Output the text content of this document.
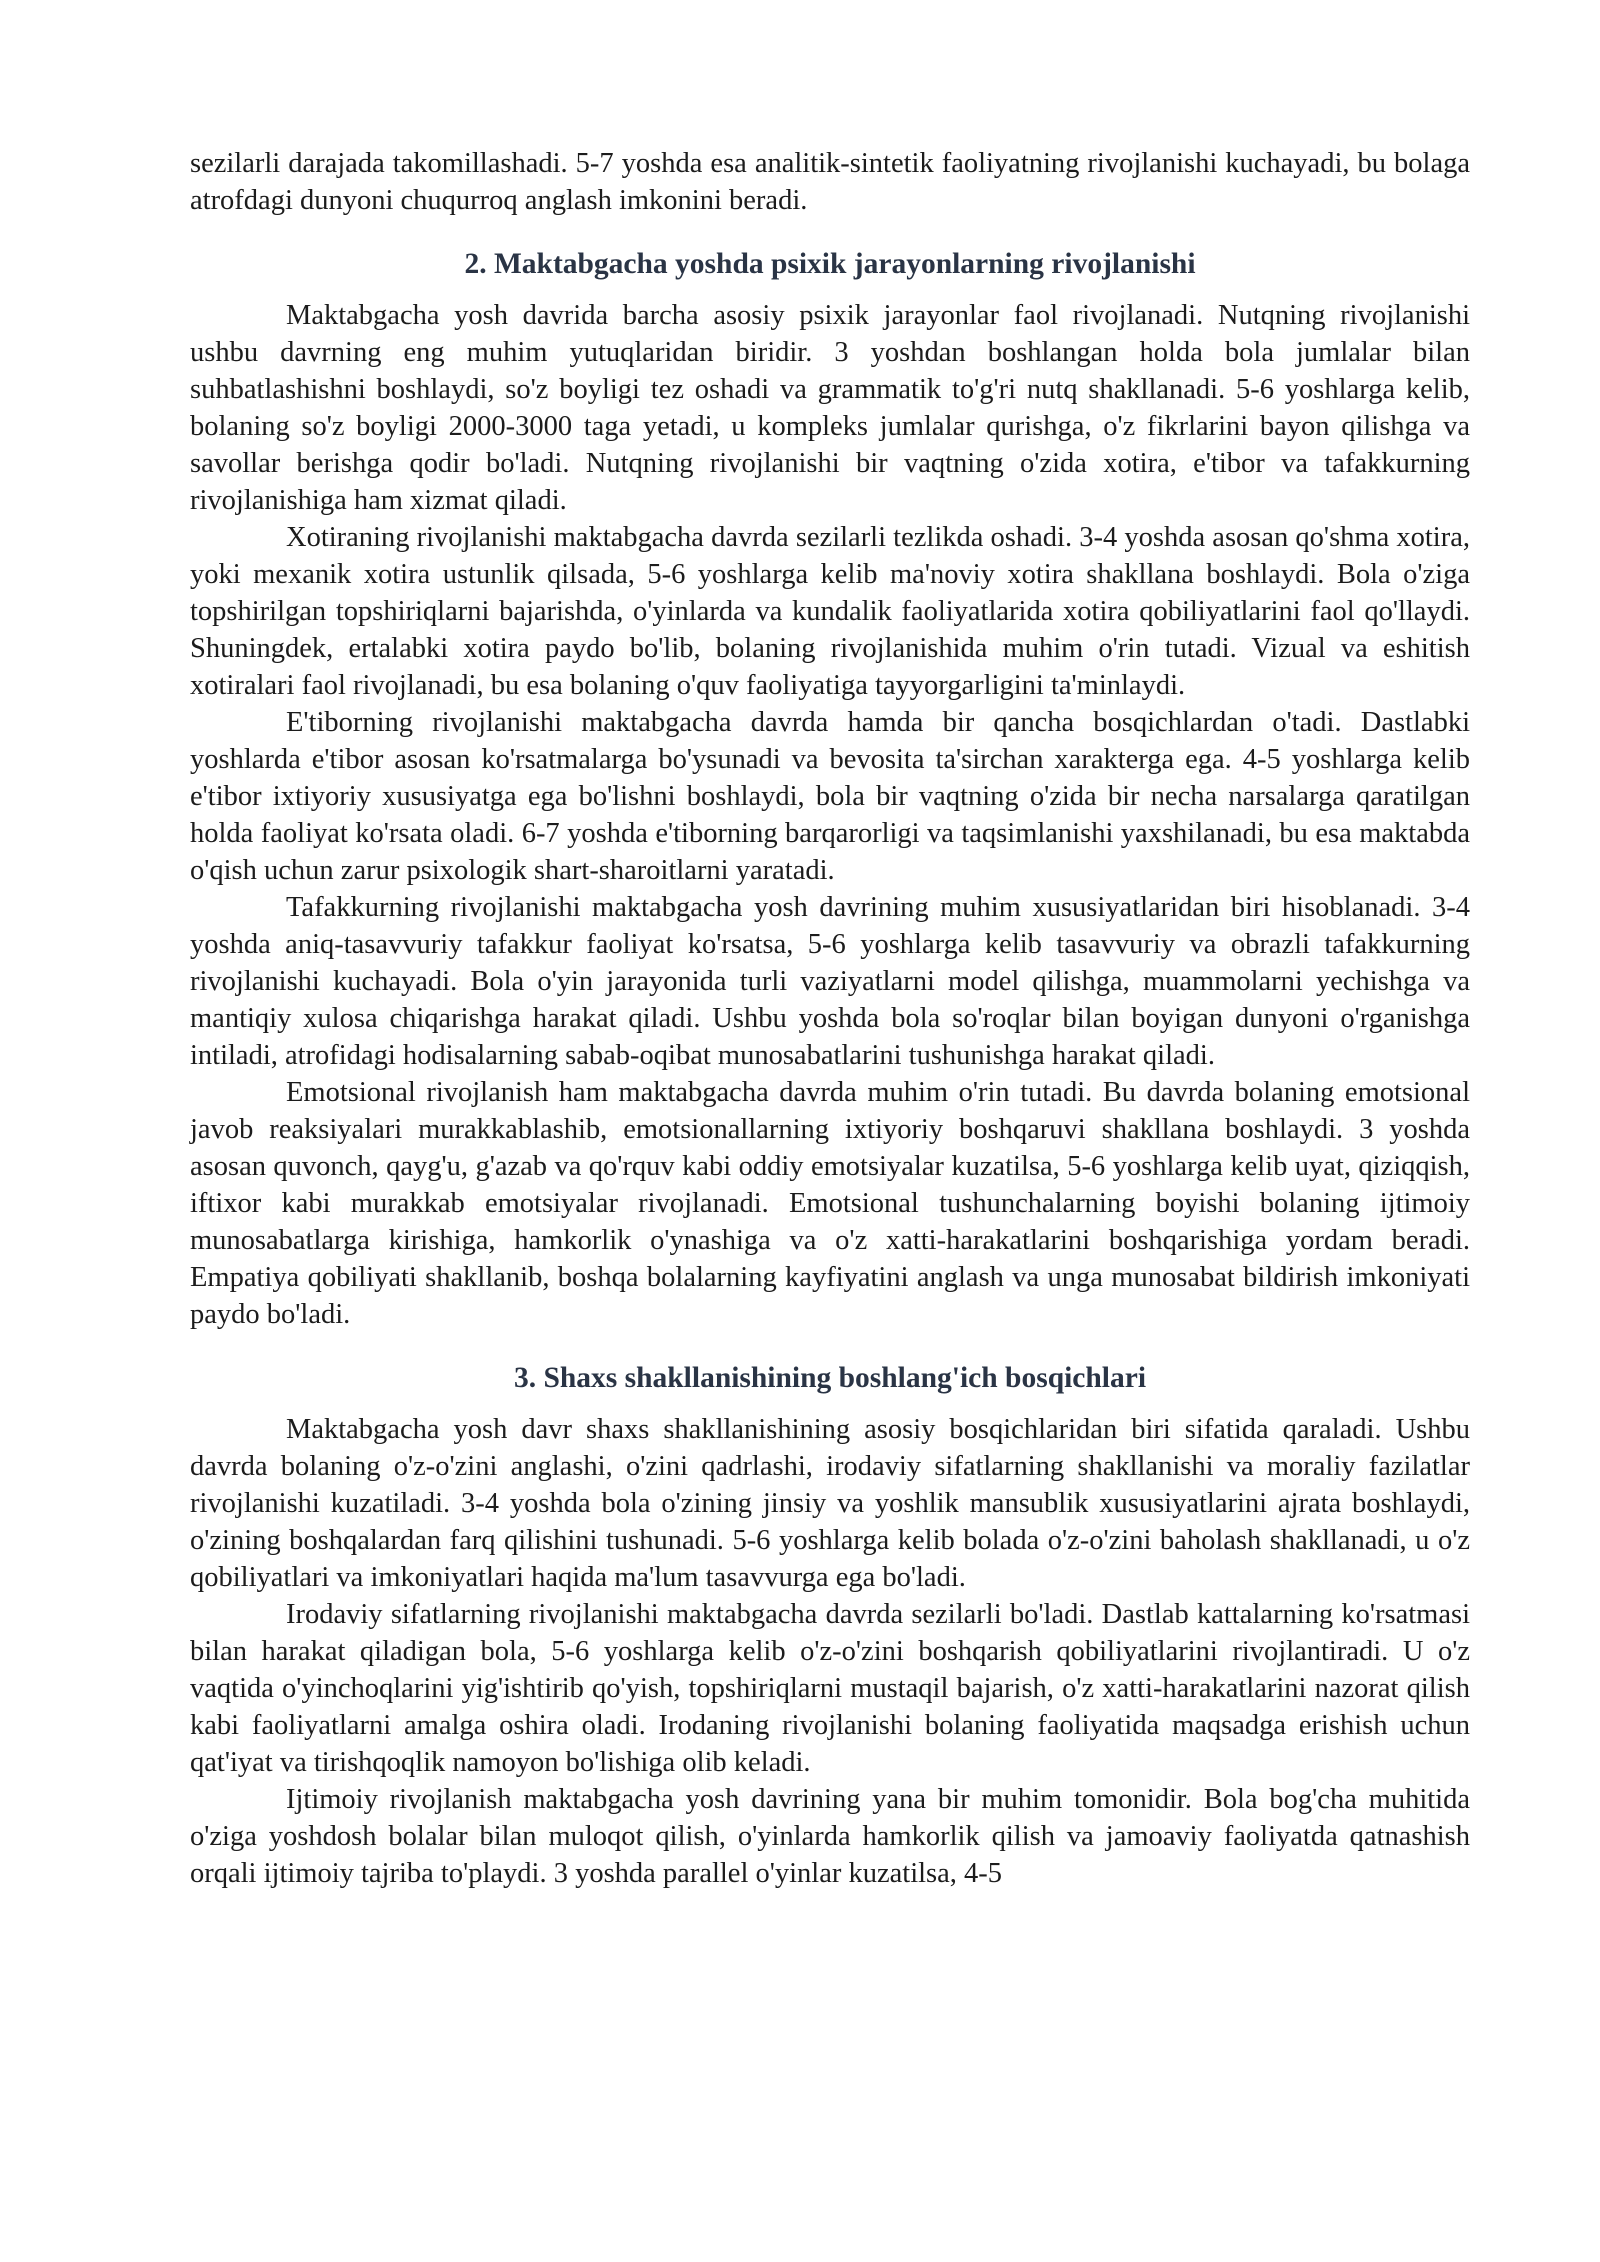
sezilarli darajada takomillashadi. 5-7 yoshda esa analitik-sintetik faoliyatning rivojlanishi kuchayadi, bu bolaga atrofdagi dunyoni chuqurroq anglash imkonini beradi.

2. Maktabgacha yoshda psixik jarayonlarning rivojlanishi

Maktabgacha yosh davrida barcha asosiy psixik jarayonlar faol rivojlanadi. Nutqning rivojlanishi ushbu davrning eng muhim yutuqlaridan biridir. 3 yoshdan boshlangan holda bola jumlalar bilan suhbatlashishni boshlaydi, so'z boyligi tez oshadi va grammatik to'g'ri nutq shakllanadi. 5-6 yoshlarga kelib, bolaning so'z boyligi 2000-3000 taga yetadi, u kompleks jumlalar qurishga, o'z fikrlarini bayon qilishga va savollar berishga qodir bo'ladi. Nutqning rivojlanishi bir vaqtning o'zida xotira, e'tibor va tafakkurning rivojlanishiga ham xizmat qiladi.

Xotiraning rivojlanishi maktabgacha davrda sezilarli tezlikda oshadi. 3-4 yoshda asosan qo'shma xotira, yoki mexanik xotira ustunlik qilsada, 5-6 yoshlarga kelib ma'noviy xotira shakllana boshlaydi. Bola o'ziga topshirilgan topshiriqlarni bajarishda, o'yinlarda va kundalik faoliyatlarida xotira qobiliyatlarini faol qo'llaydi. Shuningdek, ertalabki xotira paydo bo'lib, bolaning rivojlanishida muhim o'rin tutadi. Vizual va eshitish xotiralari faol rivojlanadi, bu esa bolaning o'quv faoliyatiga tayyorgarligini ta'minlaydi.

E'tiborning rivojlanishi maktabgacha davrda hamda bir qancha bosqichlardan o'tadi. Dastlabki yoshlarda e'tibor asosan ko'rsatmalarga bo'ysunadi va bevosita ta'sirchan xarakterga ega. 4-5 yoshlarga kelib e'tibor ixtiyoriy xususiyatga ega bo'lishni boshlaydi, bola bir vaqtning o'zida bir necha narsalarga qaratilgan holda faoliyat ko'rsata oladi. 6-7 yoshda e'tiborning barqarorligi va taqsimlanishi yaxshilanadi, bu esa maktabda o'qish uchun zarur psixologik shart-sharoitlarni yaratadi.

Tafakkurning rivojlanishi maktabgacha yosh davrining muhim xususiyatlaridan biri hisoblanadi. 3-4 yoshda aniq-tasavvuriy tafakkur faoliyat ko'rsatsa, 5-6 yoshlarga kelib tasavvuriy va obrazli tafakkurning rivojlanishi kuchayadi. Bola o'yin jarayonida turli vaziyatlarni model qilishga, muammolarni yechishga va mantiqiy xulosa chiqarishga harakat qiladi. Ushbu yoshda bola so'roqlar bilan boyigan dunyoni o'rganishga intiladi, atrofidagi hodisalarning sabab-oqibat munosabatlarini tushunishga harakat qiladi.

Emotsional rivojlanish ham maktabgacha davrda muhim o'rin tutadi. Bu davrda bolaning emotsional javob reaksiyalari murakkablashib, emotsionallarning ixtiyoriy boshqaruvi shakllana boshlaydi. 3 yoshda asosan quvonch, qayg'u, g'azab va qo'rquv kabi oddiy emotsiyalar kuzatilsa, 5-6 yoshlarga kelib uyat, qiziqqish, iftixor kabi murakkab emotsiyalar rivojlanadi. Emotsional tushunchalarning boyishi bolaning ijtimoiy munosabatlarga kirishiga, hamkorlik o'ynashiga va o'z xatti-harakatlarini boshqarishiga yordam beradi. Empatiya qobiliyati shakllanib, boshqa bolalarning kayfiyatini anglash va unga munosabat bildirish imkoniyati paydo bo'ladi.

3. Shaxs shakllanishining boshlang'ich bosqichlari

Maktabgacha yosh davr shaxs shakllanishining asosiy bosqichlaridan biri sifatida qaraladi. Ushbu davrda bolaning o'z-o'zini anglashi, o'zini qadrlashi, irodaviy sifatlarning shakllanishi va moraliy fazilatlar rivojlanishi kuzatiladi. 3-4 yoshda bola o'zining jinsiy va yoshlik mansublik xususiyatlarini ajrata boshlaydi, o'zining boshqalardan farq qilishini tushunadi. 5-6 yoshlarga kelib bolada o'z-o'zini baholash shakllanadi, u o'z qobiliyatlari va imkoniyatlari haqida ma'lum tasavvurga ega bo'ladi.

Irodaviy sifatlarning rivojlanishi maktabgacha davrda sezilarli bo'ladi. Dastlab kattalarning ko'rsatmasi bilan harakat qiladigan bola, 5-6 yoshlarga kelib o'z-o'zini boshqarish qobiliyatlarini rivojlantiradi. U o'z vaqtida o'yinchoqlarini yig'ishtirib qo'yish, topshiriqlarni mustaqil bajarish, o'z xatti-harakatlarini nazorat qilish kabi faoliyatlarni amalga oshira oladi. Irodaning rivojlanishi bolaning faoliyatida maqsadga erishish uchun qat'iyat va tirishqoqlik namoyon bo'lishiga olib keladi.

Ijtimoiy rivojlanish maktabgacha yosh davrining yana bir muhim tomonidir. Bola bog'cha muhitida o'ziga yoshdosh bolalar bilan muloqot qilish, o'yinlarda hamkorlik qilish va jamoaviy faoliyatda qatnashish orqali ijtimoiy tajriba to'playdi. 3 yoshda parallel o'yinlar kuzatilsa, 4-5
